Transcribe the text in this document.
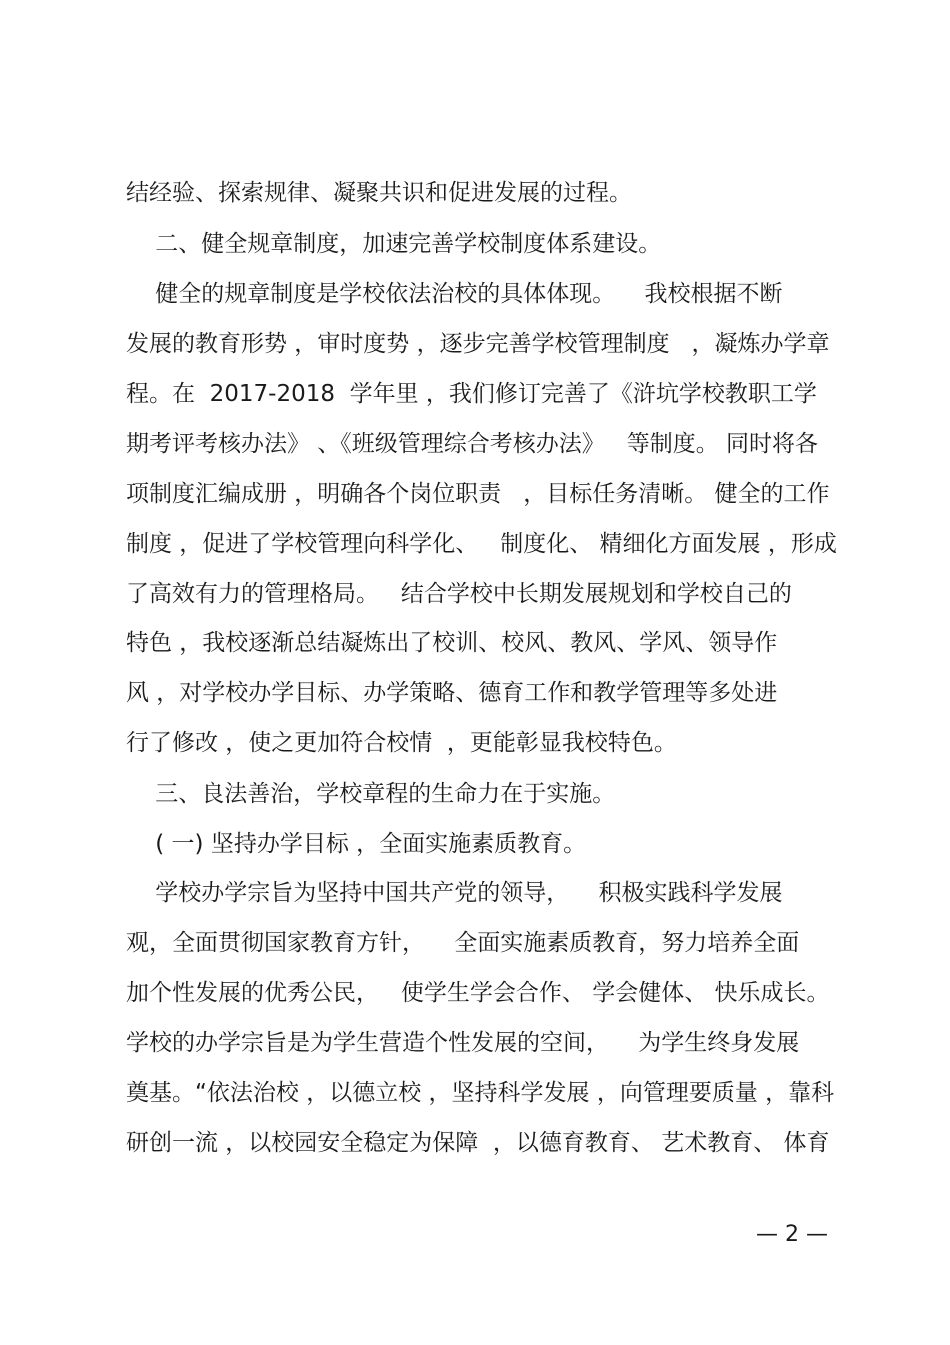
结经验、探索规律、凝聚共识和促进发展的过程。
二、健全规章制度，加速完善学校制度体系建设。
健全的规章制度是学校依法治校的具体体现。    我校根据不断
发展的教育形势 ，审时度势 ，逐步完善学校管理制度   ，凝炼办学章
程。在  2017-2018  学年里 ，我们修订完善了《浒坑学校教职工学
期考评考核办法》 、《班级管理综合考核办法》   等制度。 同时将各
项制度汇编成册 ，明确各个岗位职责   ，目标任务清晰。 健全的工作
制度 ，促进了学校管理向科学化、   制度化、 精细化方面发展 ，形成
了高效有力的管理格局。   结合学校中长期发展规划和学校自己的
特色 ，我校逐渐总结凝炼出了校训、校风、教风、学风、领导作
风 ，对学校办学目标、办学策略、德育工作和教学管理等多处进
行了修改 ，使之更加符合校情  ，更能彰显我校特色。
三、良法善治，学校章程的生命力在于实施。
( 一) 坚持办学目标 ，全面实施素质教育。
学校办学宗旨为坚持中国共产党的领导，    积极实践科学发展
观，全面贯彻国家教育方针，    全面实施素质教育，努力培养全面
加个性发展的优秀公民，   使学生学会合作、 学会健体、 快乐成长。
学校的办学宗旨是为学生营造个性发展的空间，    为学生终身发展
奠基。“依法治校 ，以德立校 ，坚持科学发展 ，向管理要质量 ，靠科
研创一流 ，以校园安全稳定为保障  ，以德育教育、 艺术教育、 体育
— 2 —
